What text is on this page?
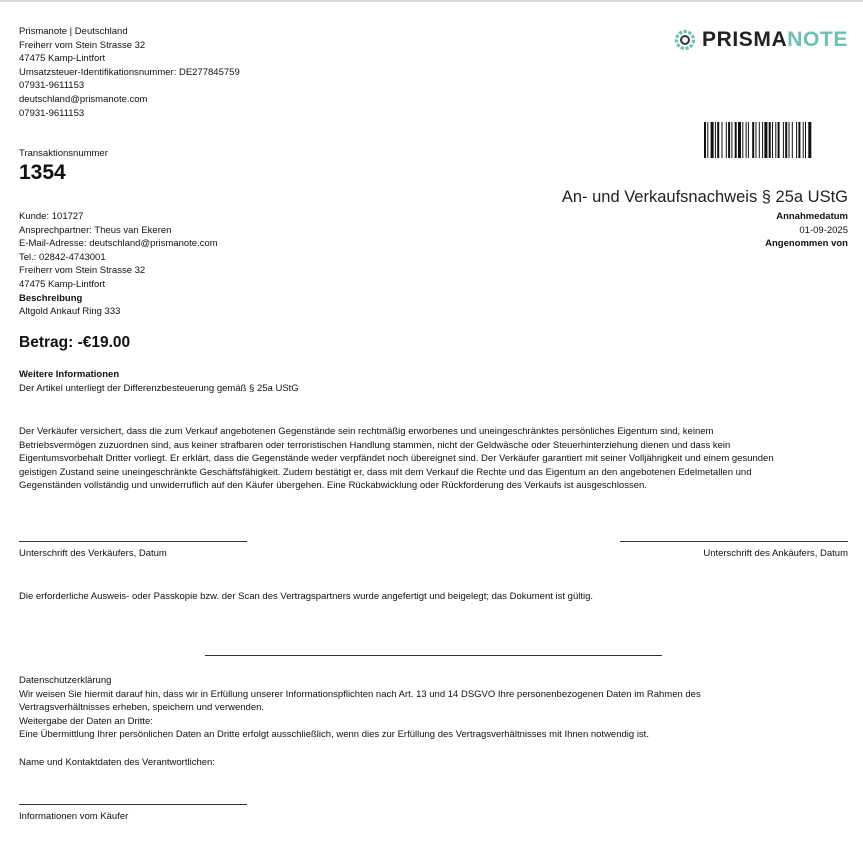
Prismanote | Deutschland
Freiherr vom Stein Strasse 32
47475 Kamp-Lintfort
Umsatzsteuer-Identifikationsnummer: DE277845759
07931-9611153
deutschland@prismanote.com
07931-9611153
PRISMANOTE
Transaktionsnummer
1354
An- und Verkaufsnachweis § 25a UStG
Annahmedatum
01-09-2025
Angenommen von
Kunde: 101727
Ansprechpartner: Theus van Ekeren
E-Mail-Adresse: deutschland@prismanote.com
Tel.: 02842-4743001
Freiherr vom Stein Strasse 32
47475 Kamp-Lintfort
Beschreibung
Altgold Ankauf Ring 333
Betrag: -€19.00
Weitere Informationen
Der Artikel unterliegt der Differenzbesteuerung gemäß § 25a UStG
Der Verkäufer versichert, dass die zum Verkauf angebotenen Gegenstände sein rechtmäßig erworbenes und uneingeschränktes persönliches Eigentum sind, keinem
Betriebsvermögen zuzuordnen sind, aus keiner strafbaren oder terroristischen Handlung stammen, nicht der Geldwäsche oder Steuerhinterziehung dienen und dass kein
Eigentumsvorbehalt Dritter vorliegt. Er erklärt, dass die Gegenstände weder verpfändet noch übereignet sind. Der Verkäufer garantiert mit seiner Volljährigkeit und einem gesunden
geistigen Zustand seine uneingeschränkte Geschäftsfähigkeit. Zudem bestätigt er, dass mit dem Verkauf die Rechte und das Eigentum an den angebotenen Edelmetallen und
Gegenständen vollständig und unwiderruflich auf den Käufer übergehen. Eine Rückabwicklung oder Rückforderung des Verkaufs ist ausgeschlossen.
Unterschrift des Verkäufers, Datum	Unterschrift des Ankäufers, Datum
Die erforderliche Ausweis- oder Passkopie bzw. der Scan des Vertragspartners wurde angefertigt und beigelegt; das Dokument ist gültig.
Datenschutzerklärung
Wir weisen Sie hiermit darauf hin, dass wir in Erfüllung unserer Informationspflichten nach Art. 13 und 14 DSGVO Ihre personenbezogenen Daten im Rahmen des
Vertragsverhältnisses erheben, speichern und verwenden.
Weitergabe der Daten an Dritte:
Eine Übermittlung Ihrer persönlichen Daten an Dritte erfolgt ausschließlich, wenn dies zur Erfüllung des Vertragsverhältnisses mit Ihnen notwendig ist.
Name und Kontaktdaten des Verantwortlichen:
Informationen vom Käufer
